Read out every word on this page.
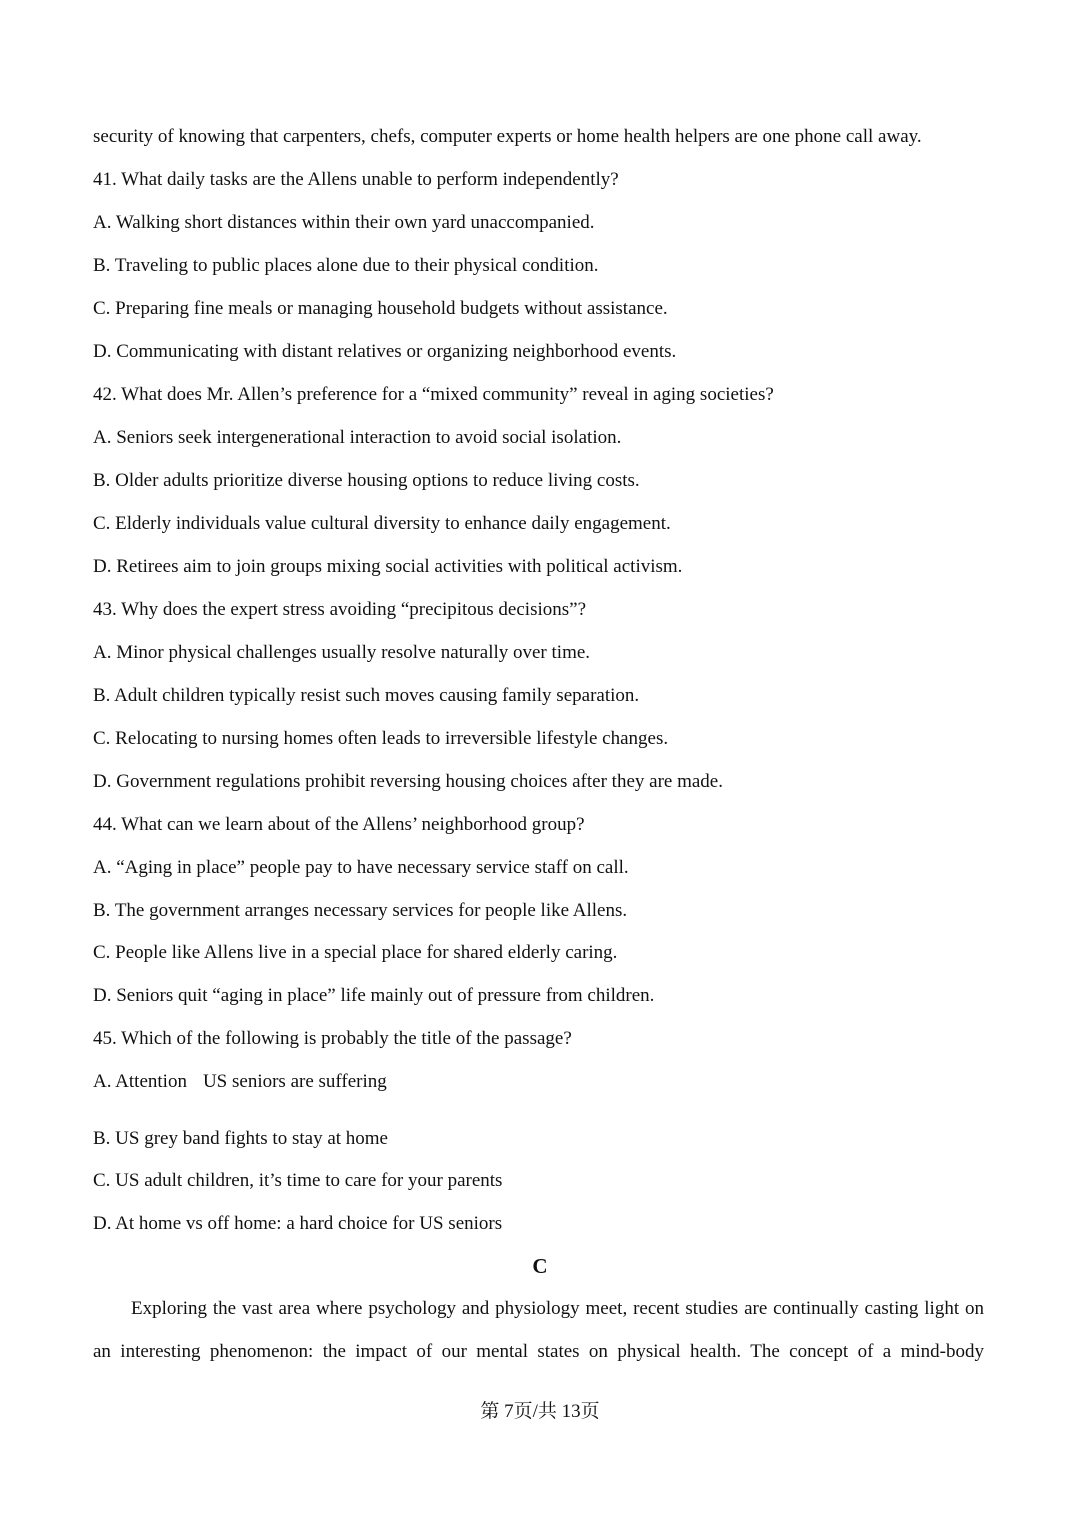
security of knowing that carpenters, chefs, computer experts or home health helpers are one phone call away.
41. What daily tasks are the Allens unable to perform independently?
A. Walking short distances within their own yard unaccompanied.
B. Traveling to public places alone due to their physical condition.
C. Preparing fine meals or managing household budgets without assistance.
D. Communicating with distant relatives or organizing neighborhood events.
42. What does Mr. Allen’s preference for a “mixed community” reveal in aging societies?
A. Seniors seek intergenerational interaction to avoid social isolation.
B. Older adults prioritize diverse housing options to reduce living costs.
C. Elderly individuals value cultural diversity to enhance daily engagement.
D. Retirees aim to join groups mixing social activities with political activism.
43. Why does the expert stress avoiding “precipitous decisions”?
A. Minor physical challenges usually resolve naturally over time.
B. Adult children typically resist such moves causing family separation.
C. Relocating to nursing homes often leads to irreversible lifestyle changes.
D. Government regulations prohibit reversing housing choices after they are made.
44. What can we learn about of the Allens’ neighborhood group?
A. “Aging in place” people pay to have necessary service staff on call.
B. The government arranges necessary services for people like Allens.
C. People like Allens live in a special place for shared elderly caring.
D. Seniors quit “aging in place” life mainly out of pressure from children.
45. Which of the following is probably the title of the passage?
A. Attention US seniors are suffering
B. US grey band fights to stay at home
C. US adult children, it’s time to care for your parents
D. At home vs off home: a hard choice for US seniors
C
Exploring the vast area where psychology and physiology meet, recent studies are continually casting light on
an interesting phenomenon: the impact of our mental states on physical health. The concept of a mind-body
第 7页/共 13页
